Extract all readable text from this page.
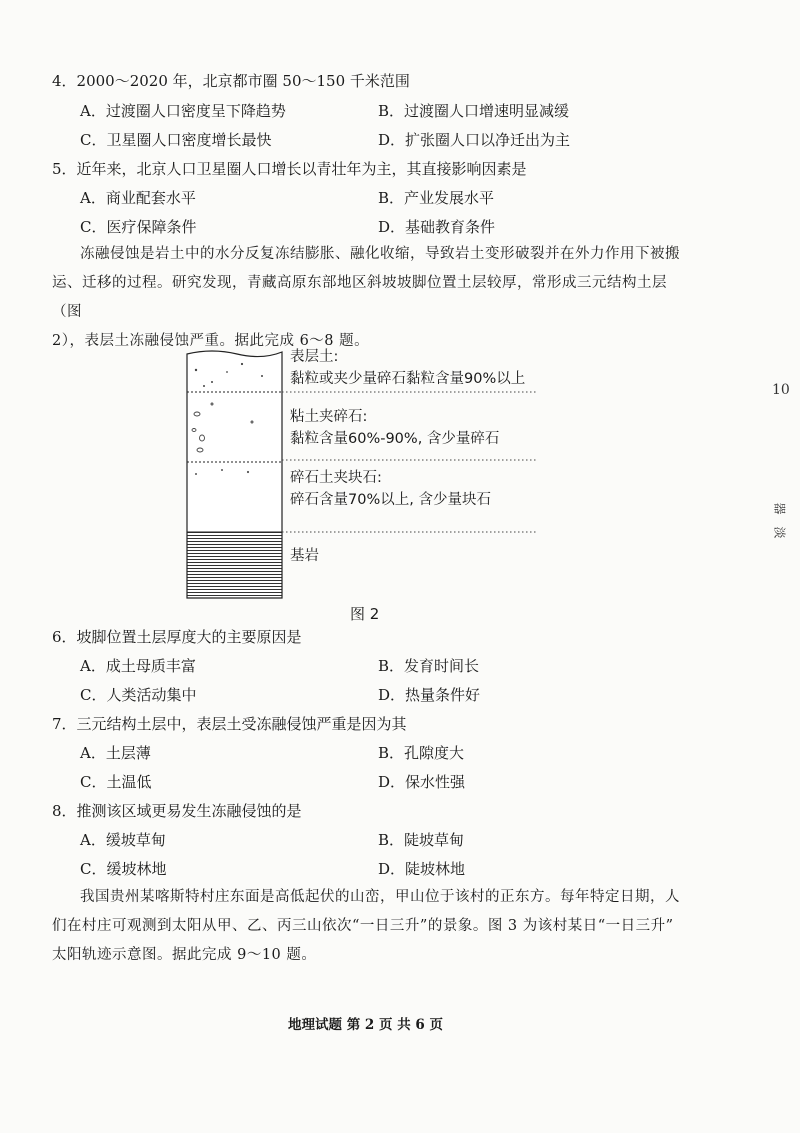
4．2000～2020 年，北京都市圈 50～150 千米范围
A．过渡圈人口密度呈下降趋势	B．过渡圈人口增速明显减缓
C．卫星圈人口密度增长最快	D．扩张圈人口以净迁出为主
5．近年来，北京人口卫星圈人口增长以青壮年为主，其直接影响因素是
A．商业配套水平	B．产业发展水平
C．医疗保障条件	D．基础教育条件
冻融侵蚀是岩土中的水分反复冻结膨胀、融化收缩，导致岩土变形破裂并在外力作用下被搬
运、迁移的过程。研究发现，青藏高原东部地区斜坡坡脚位置土层较厚，常形成三元结构土层（图
2），表层土冻融侵蚀严重。据此完成 6～8 题。
表层土:
黏粒或夹少量碎石黏粒含量90%以上
粘土夹碎石:
黏粒含量60%-90%, 含少量碎石
碎石土夹块石:
碎石含量70%以上, 含少量块石
基岩
图 2
6．坡脚位置土层厚度大的主要原因是
A．成土母质丰富	B．发育时间长
C．人类活动集中	D．热量条件好
7．三元结构土层中，表层土受冻融侵蚀严重是因为其
A．土层薄	B．孔隙度大
C．土温低	D．保水性强
8．推测该区域更易发生冻融侵蚀的是
A．缓坡草甸	B．陡坡草甸
C．缓坡林地	D．陡坡林地
我国贵州某喀斯特村庄东面是高低起伏的山峦，甲山位于该村的正东方。每年特定日期，人
们在村庄可观测到太阳从甲、乙、丙三山依次“一日三升”的景象。图 3 为该村某日“一日三升”
太阳轨迹示意图。据此完成 9～10 题。
10
器
淡
地理试题 第 2 页 共 6 页
